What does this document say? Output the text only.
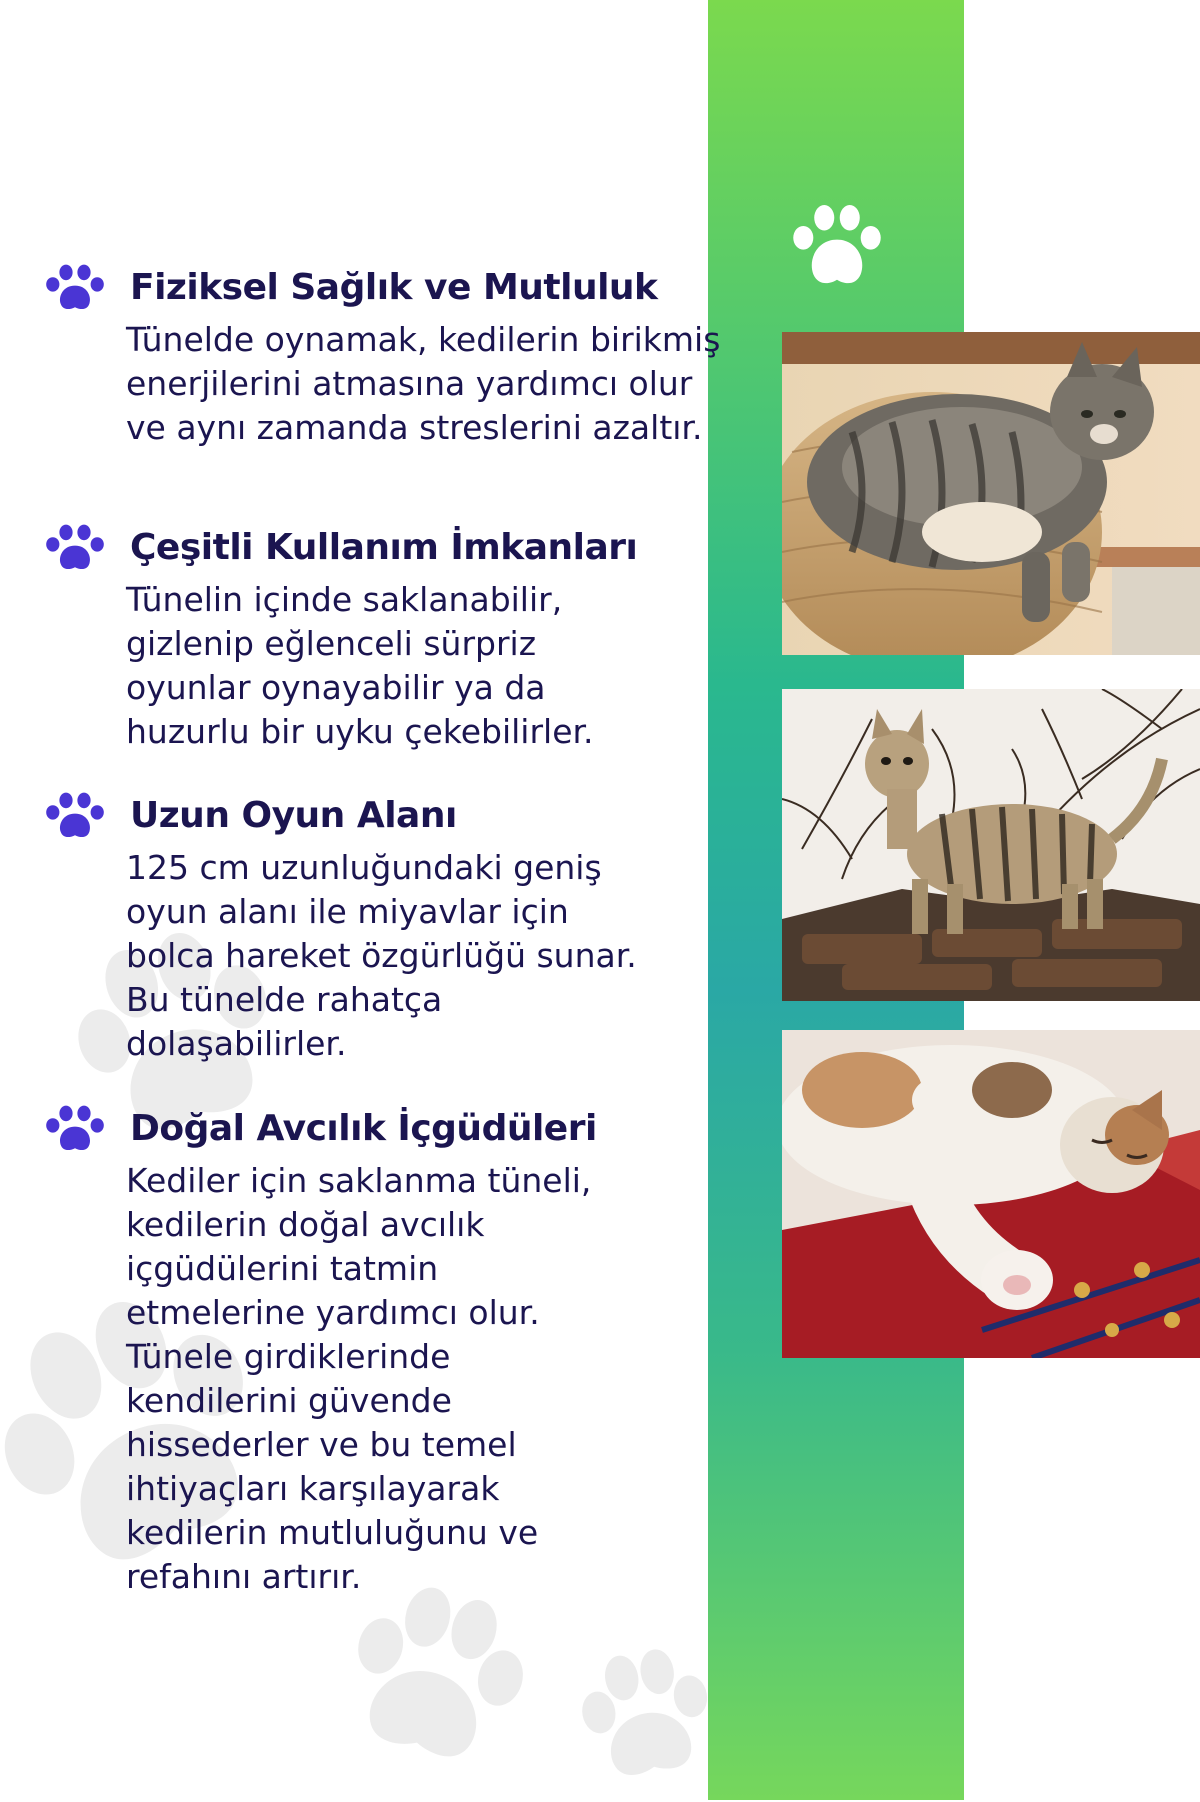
Fiziksel Sağlık ve Mutluluk

Tünelde oynamak, kedilerin birikmiş enerjilerini atmasına yardımcı olur ve aynı zamanda streslerini azaltır.

Çeşitli Kullanım İmkanları

Tünelin içinde saklanabilir, gizlenip eğlenceli sürpriz oyunlar oynayabilir ya da huzurlu bir uyku çekebilirler.

Uzun Oyun Alanı

125 cm uzunluğundaki geniş oyun alanı ile miyavlar için bolca hareket özgürlüğü sunar. Bu tünelde rahatça dolaşabilirler.

Doğal Avcılık İçgüdüleri

Kediler için saklanma tüneli, kedilerin doğal avcılık içgüdülerini tatmin etmelerine yardımcı olur. Tünele girdiklerinde kendilerini güvende hissederler ve bu temel ihtiyaçları karşılayarak kedilerin mutluluğunu ve refahını artırır.
